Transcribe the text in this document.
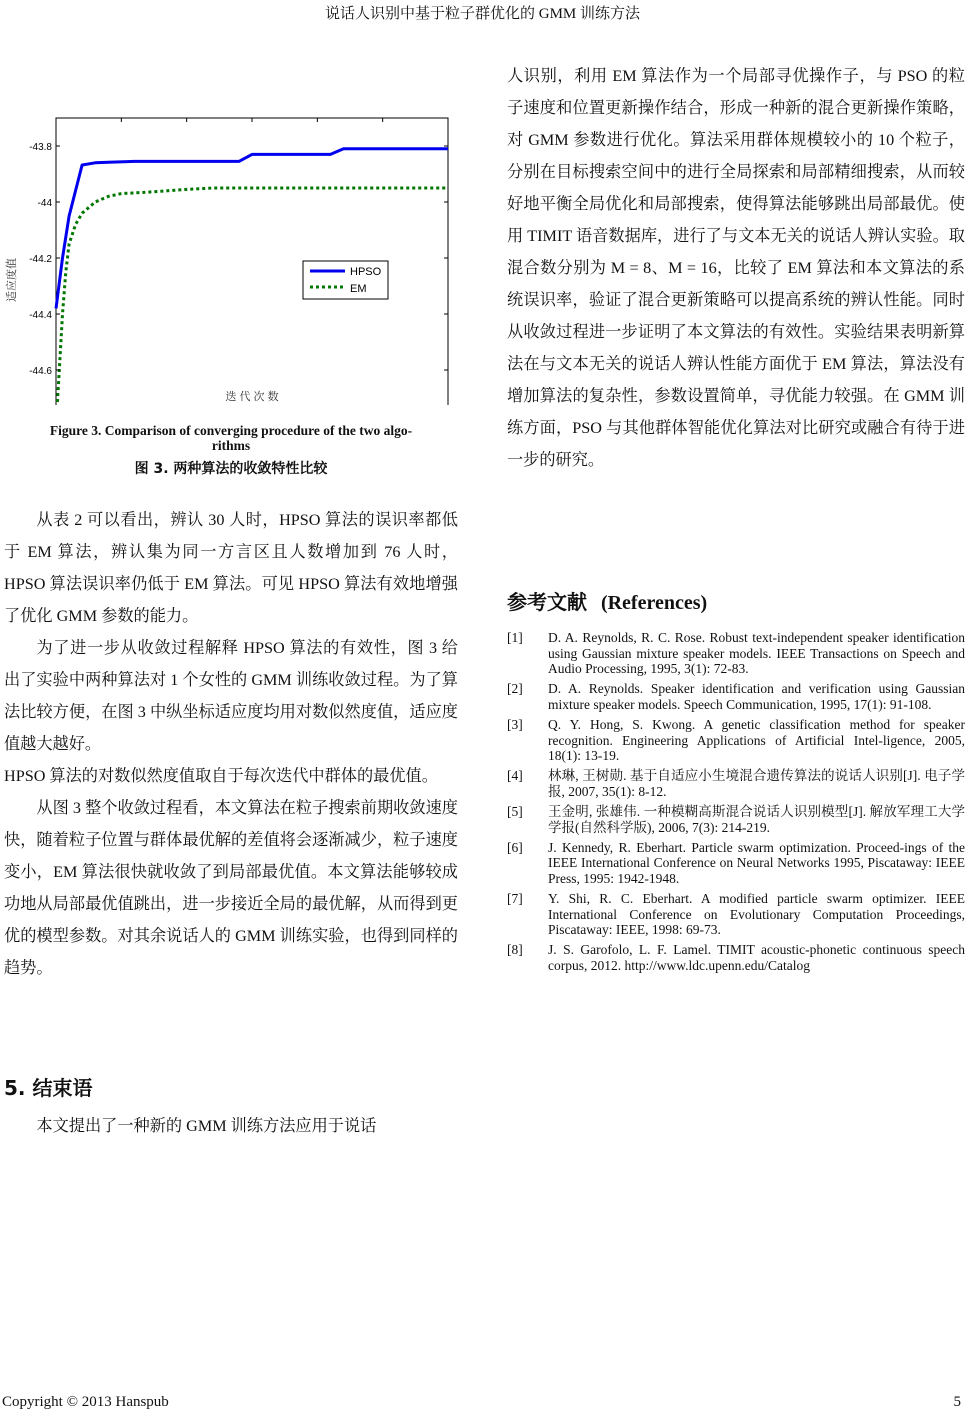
说话人识别中基于粒子群优化的 GMM 训练方法
-43.8
-44
-44.2
-44.4
-44.6
迭 代 次 数
适应度值	HPSO
EM
Figure 3. Comparison of converging procedure of the two algo-
rithms
图 3. 两种算法的收敛特性比较

从表 2 可以看出，辨认 30 人时，HPSO 算法的误识率都低于 EM 算法，辨认集为同一方言区且人数增加到 76 人时，HPSO 算法误识率仍低于 EM 算法。可见 HPSO 算法有效地增强了优化 GMM 参数的能力。

为了进一步从收敛过程解释 HPSO 算法的有效性，图 3 给出了实验中两种算法对 1 个女性的 GMM 训练收敛过程。为了算法比较方便，在图 3 中纵坐标适应度均用对数似然度值，适应度值越大越好。

HPSO 算法的对数似然度值取自于每次迭代中群体的最优值。

从图 3 整个收敛过程看，本文算法在粒子搜索前期收敛速度快，随着粒子位置与群体最优解的差值将会逐渐减少，粒子速度变小，EM 算法很快就收敛了到局部最优值。本文算法能够较成功地从局部最优值跳出，进一步接近全局的最优解，从而得到更优的模型参数。对其余说话人的 GMM 训练实验，也得到同样的趋势。

5. 结束语

本文提出了一种新的 GMM 训练方法应用于说话

人识别，利用 EM 算法作为一个局部寻优操作子，与 PSO 的粒子速度和位置更新操作结合，形成一种新的混合更新操作策略，对 GMM 参数进行优化。算法采用群体规模较小的 10 个粒子，分别在目标搜索空间中的进行全局探索和局部精细搜索，从而较好地平衡全局优化和局部搜索，使得算法能够跳出局部最优。使用 TIMIT 语音数据库，进行了与文本无关的说话人辨认实验。取混合数分别为 M = 8、M = 16，比较了 EM 算法和本文算法的系统误识率，验证了混合更新策略可以提高系统的辨认性能。同时从收敛过程进一步证明了本文算法的有效性。实验结果表明新算法在与文本无关的说话人辨认性能方面优于 EM 算法，算法没有增加算法的复杂性，参数设置简单，寻优能力较强。在 GMM 训练方面，PSO 与其他群体智能优化算法对比研究或融合有待于进一步的研究。

参考文献 (References)
[1]	D. A. Reynolds, R. C. Rose. Robust text-independent speaker identification using Gaussian mixture speaker models. IEEE Transactions on Speech and Audio Processing, 1995, 3(1): 72-83.
[2]	D. A. Reynolds. Speaker identification and verification using Gaussian mixture speaker models. Speech Communication, 1995, 17(1): 91-108.
[3]	Q. Y. Hong, S. Kwong. A genetic classification method for speaker recognition. Engineering Applications of Artificial Intel-ligence, 2005, 18(1): 13-19.
[4]	林琳, 王树勋. 基于自适应小生境混合遗传算法的说话人识别[J]. 电子学报, 2007, 35(1): 8-12.
[5]	王金明, 张雄伟. 一种模糊高斯混合说话人识别模型[J]. 解放军理工大学学报(自然科学版), 2006, 7(3): 214-219.
[6]	J. Kennedy, R. Eberhart. Particle swarm optimization. Proceed-ings of the IEEE International Conference on Neural Networks 1995, Piscataway: IEEE Press, 1995: 1942-1948.
[7]	Y. Shi, R. C. Eberhart. A modified particle swarm optimizer. IEEE International Conference on Evolutionary Computation Proceedings, Piscataway: IEEE, 1998: 69-73.
[8]	J. S. Garofolo, L. F. Lamel. TIMIT acoustic-phonetic continuous speech corpus, 2012. http://www.ldc.upenn.edu/Catalog
Copyright © 2013 Hanspub	5
